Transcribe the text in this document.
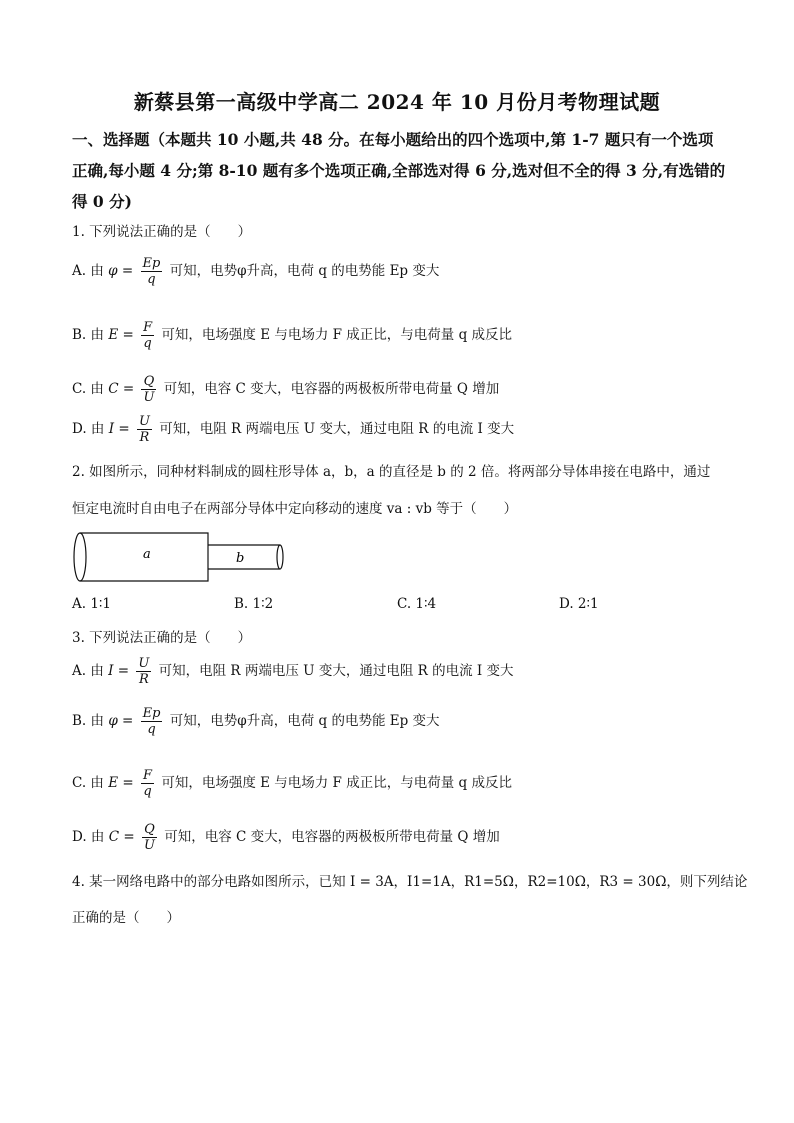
新蔡县第一高级中学高二 2024 年 10 月份月考物理试题
一、选择题（本题共 10 小题,共 48 分。在每小题给出的四个选项中,第 1-7 题只有一个选项正确,每小题 4 分;第 8-10 题有多个选项正确,全部选对得 6 分,选对但不全的得 3 分,有选错的得 0 分)
1. 下列说法正确的是（　　）
A. 由 $\varphi = \frac{Ep}{q}$ 可知，电势φ升高，电荷 q 的电势能 Ep 变大
B. 由 $E = \frac{F}{q}$ 可知，电场强度 E 与电场力 F 成正比，与电荷量 q 成反比
C. 由 $C = \frac{Q}{U}$ 可知，电容 C 变大，电容器的两极板所带电荷量 Q 增加
D. 由 $I = \frac{U}{R}$ 可知，电阻 R 两端电压 U 变大，通过电阻 R 的电流 I 变大
2. 如图所示，同种材料制成的圆柱形导体 a，b，a 的直径是 b 的 2 倍。将两部分导体串接在电路中，通过
恒定电流时自由电子在两部分导体中定向移动的速度 va : vb 等于（　　）
a	b
A. 1∶1	B. 1∶2	C. 1∶4	D. 2∶1
3. 下列说法正确的是（　　）
A. 由 $I = \frac{U}{R}$ 可知，电阻 R 两端电压 U 变大，通过电阻 R 的电流 I 变大
B. 由 $\varphi = \frac{Ep}{q}$ 可知，电势φ升高，电荷 q 的电势能 Ep 变大
C. 由 $E = \frac{F}{q}$ 可知，电场强度 E 与电场力 F 成正比，与电荷量 q 成反比
D. 由 $C = \frac{Q}{U}$ 可知，电容 C 变大，电容器的两极板所带电荷量 Q 增加
4. 某一网络电路中的部分电路如图所示，已知 I = 3A，I1=1A，R1=5Ω，R2=10Ω，R3 = 30Ω，则下列结论
正确的是（　　）
